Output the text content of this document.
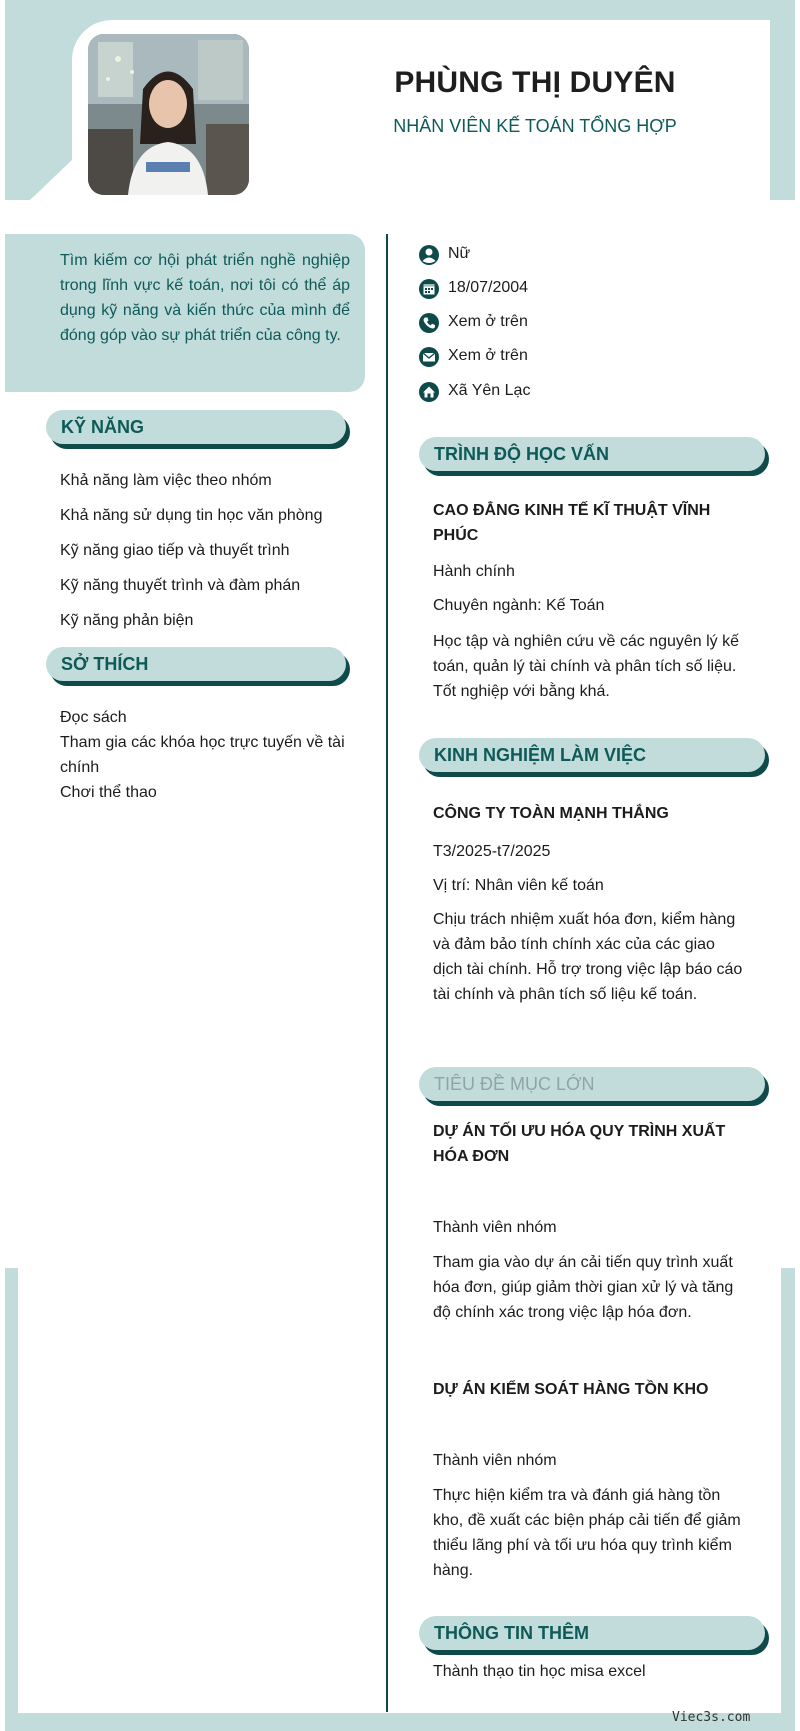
PHÙNG THỊ DUYÊN
NHÂN VIÊN KẾ TOÁN TỔNG HỢP

Tìm kiếm cơ hội phát triển nghề nghiệp trong lĩnh vực kế toán, nơi tôi có thể áp dụng kỹ năng và kiến thức của mình để đóng góp vào sự phát triển của công ty.

Nữ
18/07/2004
Xem ở trên
Xem ở trên
Xã Yên Lạc
KỸ NĂNG
Khả năng làm việc theo nhóm
Khả năng sử dụng tin học văn phòng
Kỹ năng giao tiếp và thuyết trình
Kỹ năng thuyết trình và đàm phán
Kỹ năng phản biện
SỞ THÍCH
Đọc sách
Tham gia các khóa học trực tuyến về tài chính
Chơi thể thao
TRÌNH ĐỘ HỌC VẤN
CAO ĐẲNG KINH TẾ KĨ THUẬT VĨNH PHÚC
Hành chính
Chuyên ngành: Kế Toán
Học tập và nghiên cứu về các nguyên lý kế toán, quản lý tài chính và phân tích số liệu. Tốt nghiệp với bằng khá.
KINH NGHIỆM LÀM VIỆC
CÔNG TY TOÀN MẠNH THẮNG
T3/2025-t7/2025
Vị trí: Nhân viên kế toán
Chịu trách nhiệm xuất hóa đơn, kiểm hàng và đảm bảo tính chính xác của các giao dịch tài chính. Hỗ trợ trong việc lập báo cáo tài chính và phân tích số liệu kế toán.
TIÊU ĐỀ MỤC LỚN
DỰ ÁN TỐI ƯU HÓA QUY TRÌNH XUẤT HÓA ĐƠN
Thành viên nhóm
Tham gia vào dự án cải tiến quy trình xuất hóa đơn, giúp giảm thời gian xử lý và tăng độ chính xác trong việc lập hóa đơn.
DỰ ÁN KIỂM SOÁT HÀNG TỒN KHO
Thành viên nhóm
Thực hiện kiểm tra và đánh giá hàng tồn kho, đề xuất các biện pháp cải tiến để giảm thiểu lãng phí và tối ưu hóa quy trình kiểm hàng.
THÔNG TIN THÊM
Thành thạo tin học misa excel
Viec3s.com
